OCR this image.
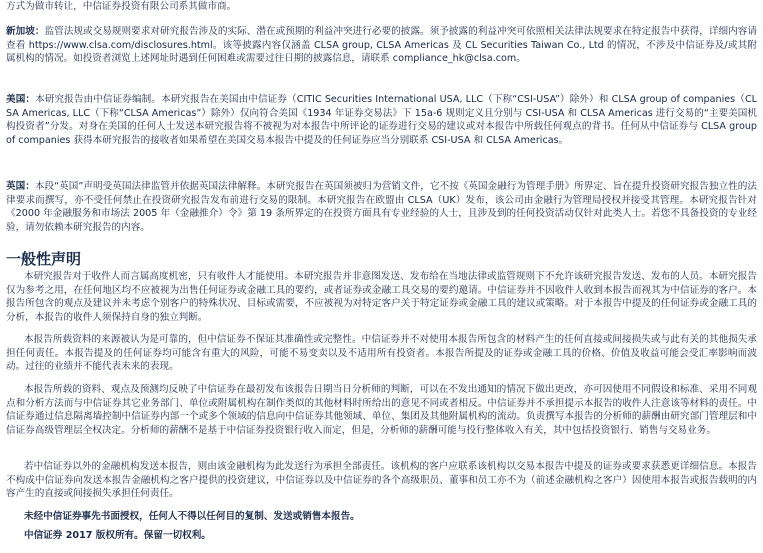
方式为做市转让，中信证券投资有限公司系其做市商。

新加坡：监管法规或交易规则要求对研究报告涉及的实际、潜在或预期的利益冲突进行必要的披露。须予披露的利益冲突可依照相关法律法规要求在特定报告中获得，详细内容请查看 https://www.clsa.com/disclosures.html。该等披露内容仅涵盖 CLSA group, CLSA Americas 及 CL Securities Taiwan Co., Ltd 的情况，不涉及中信证券及/或其附属机构的情况。如投资者浏览上述网址时遇到任何困难或需要过往日期的披露信息，请联系 compliance_hk@clsa.com。

美国：本研究报告由中信证券编制。本研究报告在美国由中信证券（CITIC Securities International USA, LLC（下称“CSI-USA”）除外）和 CLSA group of companies（CLSA Americas, LLC（下称“CLSA Americas”）除外）仅向符合美国《1934 年证券交易法》下 15a-6 规则定义且分别与 CSI-USA 和 CLSA Americas 进行交易的“主要美国机构投资者”分发。对身在美国的任何人士发送本研究报告将不被视为对本报告中所评论的证券进行交易的建议或对本报告中所载任何观点的背书。任何从中信证券与 CLSA group of companies 获得本研究报告的接收者如果希望在美国交易本报告中提及的任何证券应当分别联系 CSI-USA 和 CLSA Americas。

英国：本段“英国”声明受英国法律监管并依据英国法律解释。本研究报告在英国须被归为营销文件，它不按《英国金融行为管理手册》所界定、旨在提升投资研究报告独立性的法律要求而撰写，亦不受任何禁止在投资研究报告发布前进行交易的限制。本研究报告在欧盟由 CLSA（UK）发布，该公司由金融行为管理局授权并接受其管理。本研究报告针对《2000 年金融服务和市场法 2005 年（金融推介）令》第 19 条所界定的在投资方面具有专业经验的人士，且涉及到的任何投资活动仅针对此类人士。若您不具备投资的专业经验，请勿依赖本研究报告的内容。

一般性声明

本研究报告对于收件人而言属高度机密，只有收件人才能使用。本研究报告并非意图发送、发布给在当地法律或监管规则下不允许该研究报告发送、发布的人员。本研究报告仅为参考之用，在任何地区均不应被视为出售任何证券或金融工具的要约，或者证券或金融工具交易的要约邀请。中信证券并不因收件人收到本报告而视其为中信证券的客户。本报告所包含的观点及建议并未考虑个别客户的特殊状况、目标或需要，不应被视为对特定客户关于特定证券或金融工具的建议或策略。对于本报告中提及的任何证券或金融工具的分析，本报告的收件人须保持自身的独立判断。

本报告所载资料的来源被认为是可靠的，但中信证券不保证其准确性或完整性。中信证券并不对使用本报告所包含的材料产生的任何直接或间接损失或与此有关的其他损失承担任何责任。本报告提及的任何证券均可能含有重大的风险，可能不易变卖以及不适用所有投资者。本报告所提及的证券或金融工具的价格、价值及收益可能会受汇率影响而波动。过往的业绩并不能代表未来的表现。

本报告所载的资料、观点及预测均反映了中信证券在最初发布该报告日期当日分析师的判断，可以在不发出通知的情况下做出更改，亦可因使用不同假设和标准、采用不同观点和分析方法而与中信证券其它业务部门、单位或附属机构在制作类似的其他材料时所给出的意见不同或者相反。中信证券并不承担提示本报告的收件人注意该等材料的责任。中信证券通过信息隔离墙控制中信证券内部一个或多个领域的信息向中信证券其他领域、单位、集团及其他附属机构的流动。负责撰写本报告的分析师的薪酬由研究部门管理层和中信证券高级管理层全权决定。分析师的薪酬不是基于中信证券投资银行收入而定，但是，分析师的薪酬可能与投行整体收入有关，其中包括投资银行、销售与交易业务。

若中信证券以外的金融机构发送本报告，则由该金融机构为此发送行为承担全部责任。该机构的客户应联系该机构以交易本报告中提及的证券或要求获悉更详细信息。本报告不构成中信证券向发送本报告金融机构之客户提供的投资建议，中信证券以及中信证券的各个高级职员、董事和员工亦不为（前述金融机构之客户）因使用本报告或报告载明的内容产生的直接或间接损失承担任何责任。

未经中信证券事先书面授权，任何人不得以任何目的复制、发送或销售本报告。

中信证券 2017 版权所有。保留一切权利。
